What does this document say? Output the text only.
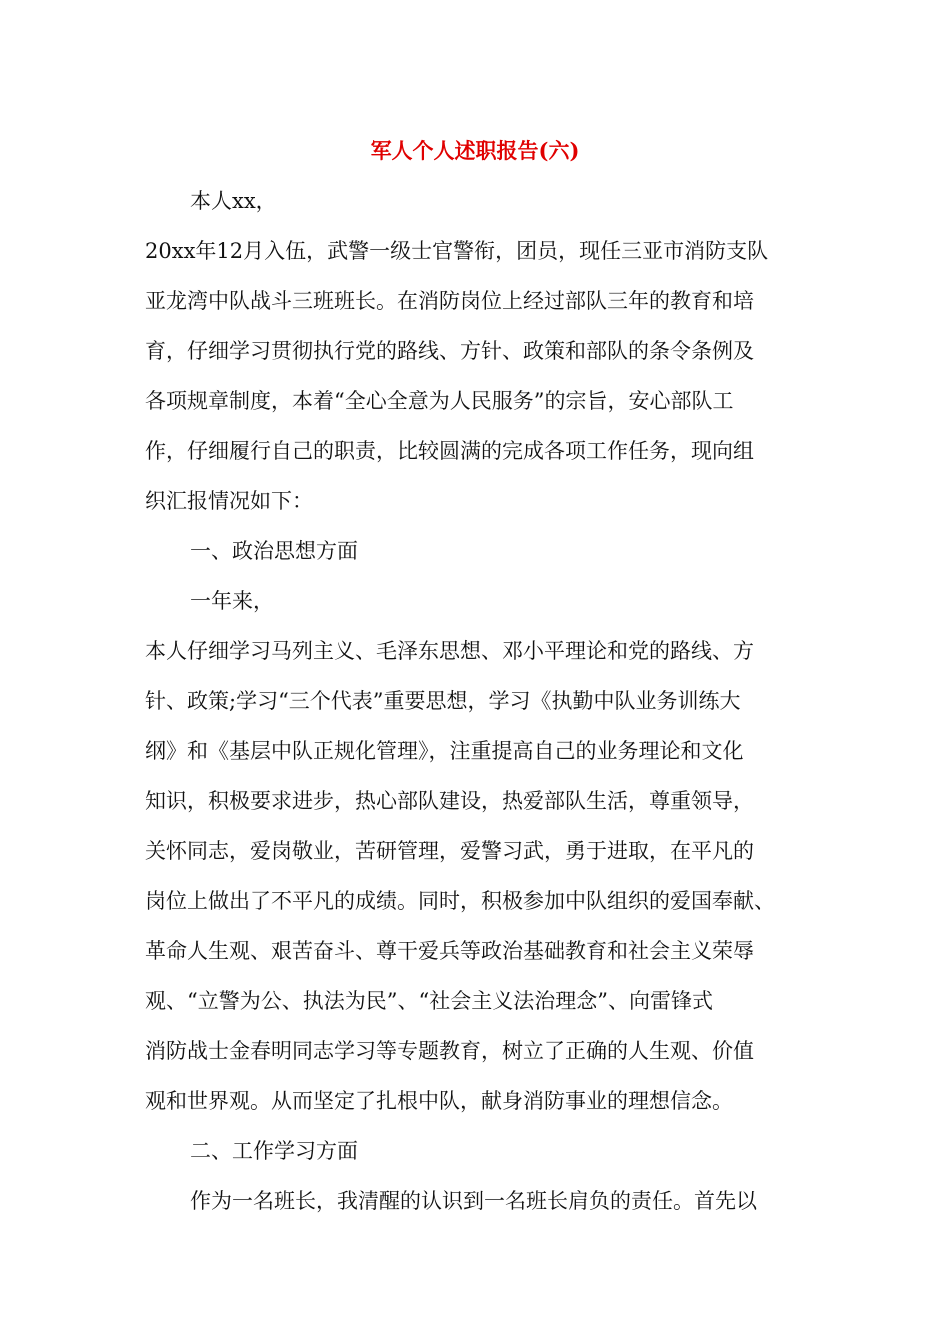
军人个人述职报告(六)
本人xx，
20xx年12月入伍，武警一级士官警衔，团员，现任三亚市消防支队
亚龙湾中队战斗三班班长。在消防岗位上经过部队三年的教育和培
育，仔细学习贯彻执行党的路线、方针、政策和部队的条令条例及
各项规章制度，本着“全心全意为人民服务”的宗旨，安心部队工
作，仔细履行自己的职责，比较圆满的完成各项工作任务，现向组
织汇报情况如下：
一、政治思想方面
一年来，
本人仔细学习马列主义、毛泽东思想、邓小平理论和党的路线、方
针、政策;学习“三个代表”重要思想，学习《执勤中队业务训练大
纲》和《基层中队正规化管理》，注重提高自己的业务理论和文化
知识，积极要求进步，热心部队建设，热爱部队生活，尊重领导，
关怀同志，爱岗敬业，苦研管理，爱警习武，勇于进取，在平凡的
岗位上做出了不平凡的成绩。同时，积极参加中队组织的爱国奉献、
革命人生观、艰苦奋斗、尊干爱兵等政治基础教育和社会主义荣辱
观、“立警为公、执法为民”、“社会主义法治理念”、向雷锋式
消防战士金春明同志学习等专题教育，树立了正确的人生观、价值
观和世界观。从而坚定了扎根中队，献身消防事业的理想信念。
二、工作学习方面
作为一名班长，我清醒的认识到一名班长肩负的责任。首先以
